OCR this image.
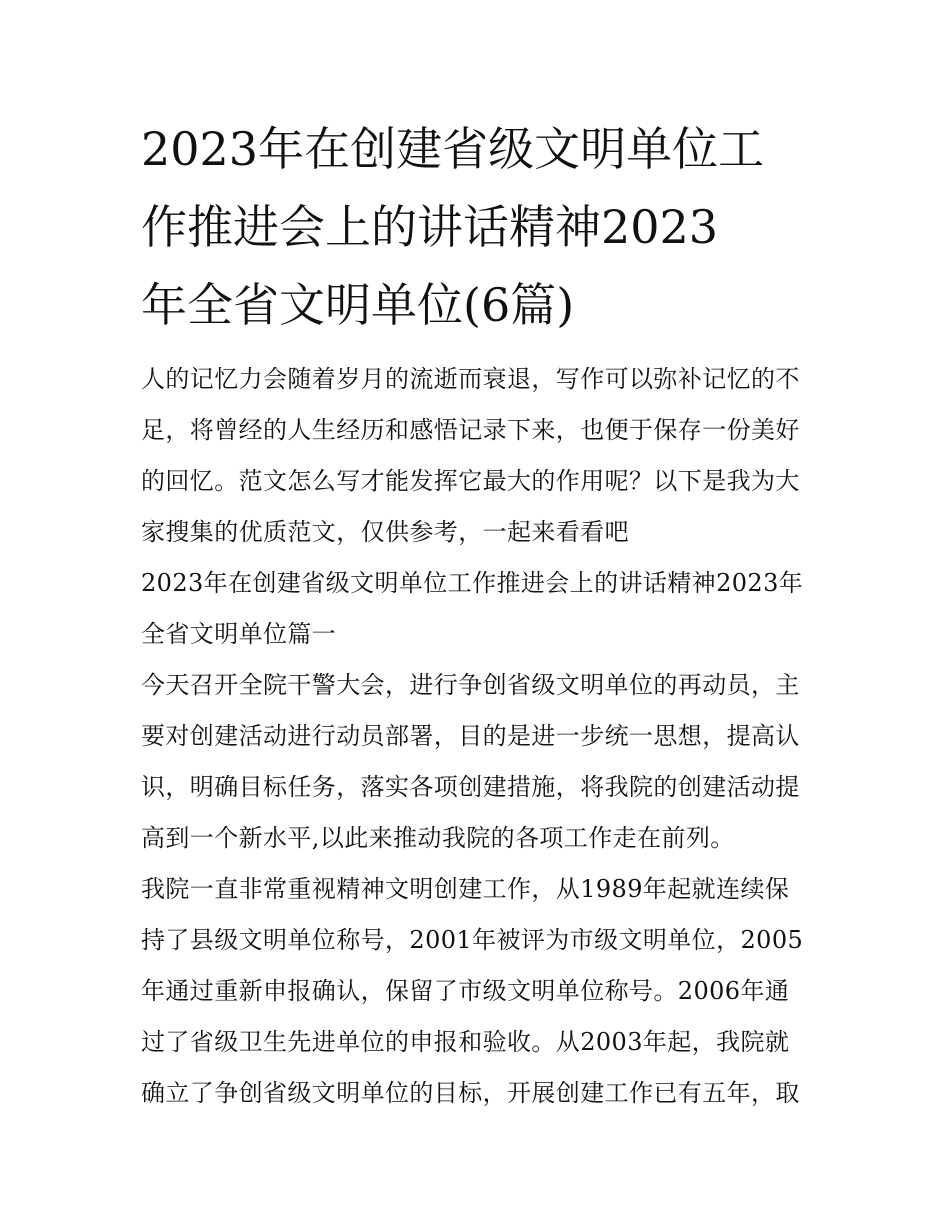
2023年在创建省级文明单位工
作推进会上的讲话精神2023
年全省文明单位(6篇)
人的记忆力会随着岁月的流逝而衰退，写作可以弥补记忆的不
足，将曾经的人生经历和感悟记录下来，也便于保存一份美好
的回忆。范文怎么写才能发挥它最大的作用呢？以下是我为大
家搜集的优质范文，仅供参考，一起来看看吧
2023年在创建省级文明单位工作推进会上的讲话精神2023年
全省文明单位篇一
今天召开全院干警大会，进行争创省级文明单位的再动员，主
要对创建活动进行动员部署，目的是进一步统一思想，提高认
识，明确目标任务，落实各项创建措施，将我院的创建活动提
高到一个新水平,以此来推动我院的各项工作走在前列。
我院一直非常重视精神文明创建工作，从1989年起就连续保
持了县级文明单位称号，2001年被评为市级文明单位，2005
年通过重新申报确认，保留了市级文明单位称号。2006年通
过了省级卫生先进单位的申报和验收。从2003年起，我院就
确立了争创省级文明单位的目标，开展创建工作已有五年，取
